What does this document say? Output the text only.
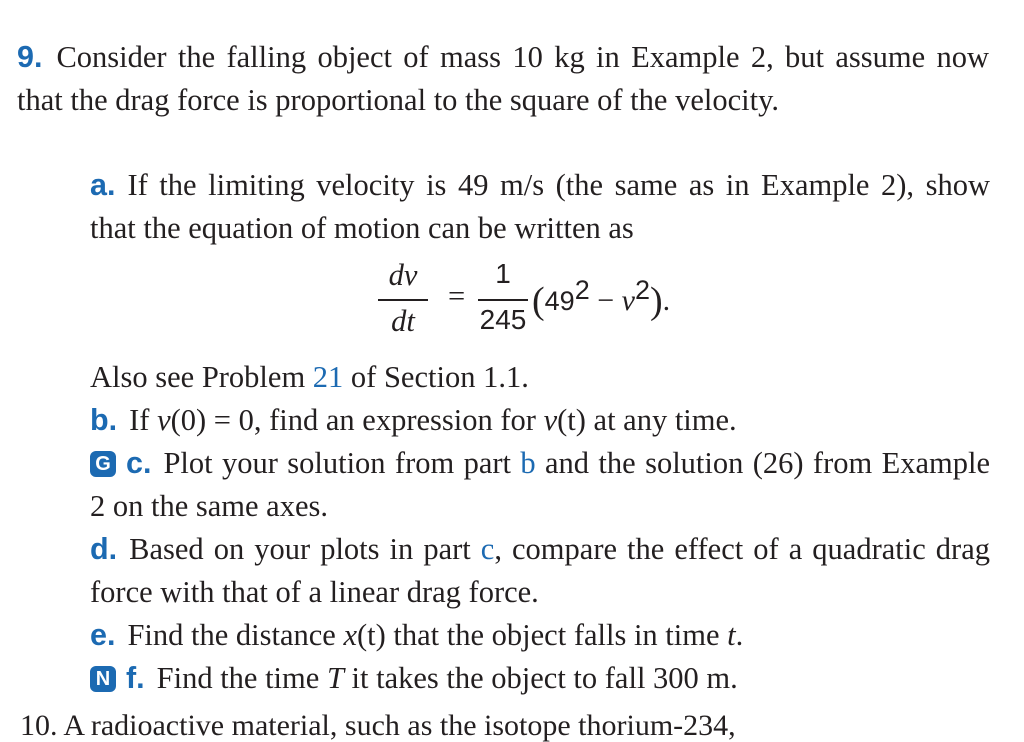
9. Consider the falling object of mass 10 kg in Example 2, but assume now that the drag force is proportional to the square of the velocity.
a. If the limiting velocity is 49 m/s (the same as in Example 2), show that the equation of motion can be written as
dv
dt
=
1
245 $(49^2 - v^2)$.
Also see Problem 21 of Section 1.1.
b. If v(0) = 0, find an expression for v(t) at any time.
G c. Plot your solution from part b and the solution (26) from Example 2 on the same axes.
d. Based on your plots in part c, compare the effect of a quadratic drag force with that of a linear drag force.
e. Find the distance x(t) that the object falls in time t.
N f. Find the time T it takes the object to fall 300 m.
10. A radioactive material, such as the isotope thorium-234,
